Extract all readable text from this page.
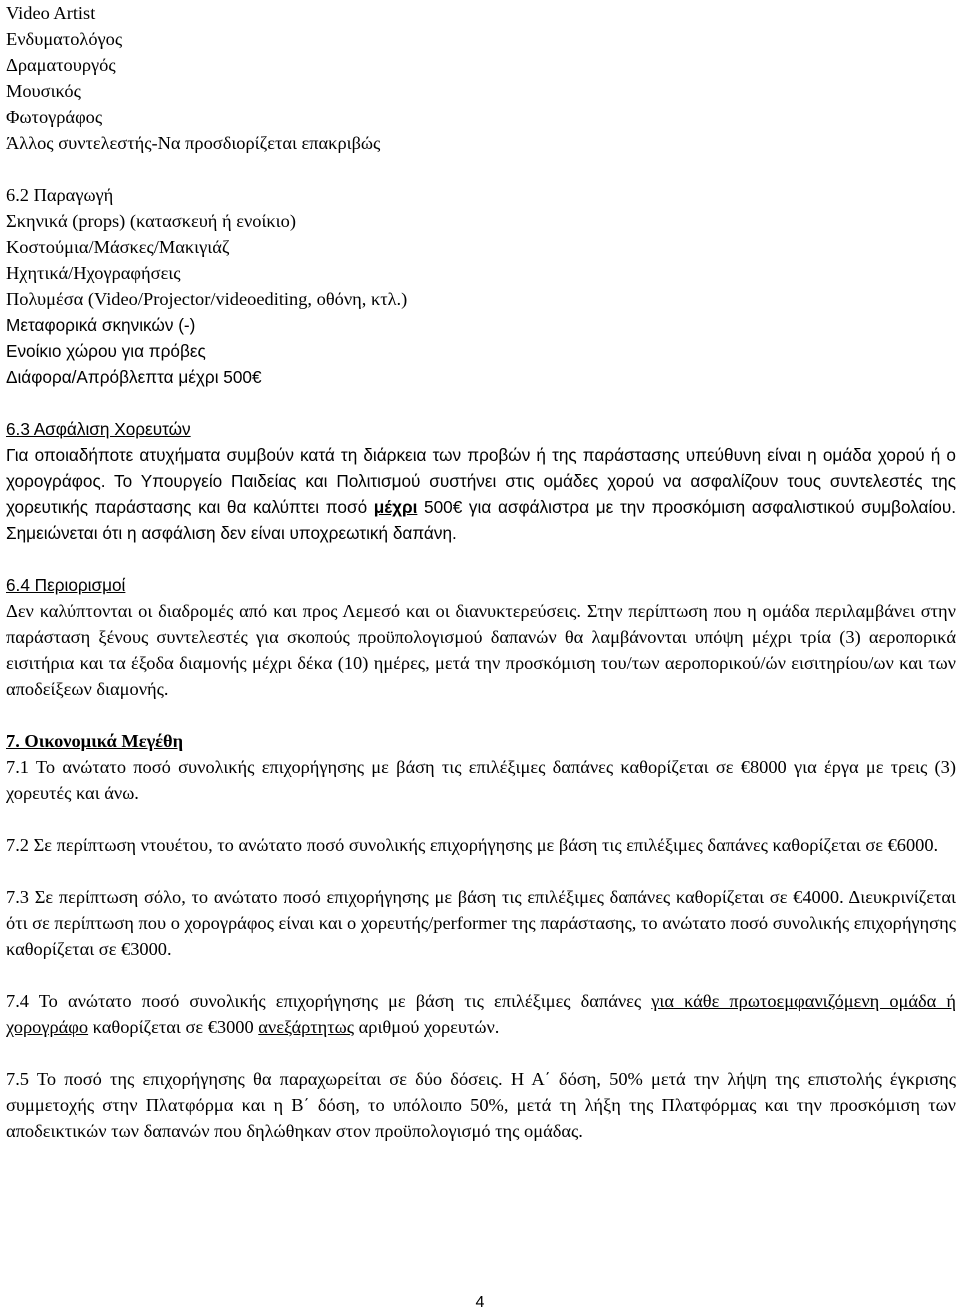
Video Artist
Ενδυματολόγος
Δραματουργός
Μουσικός
Φωτογράφος
Άλλος συντελεστής-Να προσδιορίζεται επακριβώς
6.2 Παραγωγή
Σκηνικά (props) (κατασκευή ή ενοίκιο)
Κοστούμια/Μάσκες/Μακιγιάζ
Ηχητικά/Ηχογραφήσεις
Πολυμέσα (Video/Projector/videoediting, οθόνη, κτλ.)
Μεταφορικά σκηνικών (-)
Ενοίκιο χώρου για πρόβες
Διάφορα/Απρόβλεπτα μέχρι 500€
6.3 Ασφάλιση Χορευτών

Για οποιαδήποτε ατυχήματα συμβούν κατά τη διάρκεια των προβών ή της παράστασης υπεύθυνη είναι η ομάδα χορού ή ο χορογράφος. Το Υπουργείο Παιδείας και Πολιτισμού συστήνει στις ομάδες χορού να ασφαλίζουν τους συντελεστές της χορευτικής παράστασης και θα καλύπτει ποσό μέχρι 500€ για ασφάλιστρα με την προσκόμιση ασφαλιστικού συμβολαίου. Σημειώνεται ότι η ασφάλιση δεν είναι υποχρεωτική δαπάνη.

6.4 Περιορισμοί

Δεν καλύπτονται οι διαδρομές από και προς Λεμεσό και οι διανυκτερεύσεις. Στην περίπτωση που η ομάδα περιλαμβάνει στην παράσταση ξένους συντελεστές για σκοπούς προϋπολογισμού δαπανών θα λαμβάνονται υπόψη μέχρι τρία (3) αεροπορικά εισιτήρια και τα έξοδα διαμονής μέχρι δέκα (10) ημέρες, μετά την προσκόμιση του/των αεροπορικού/ών εισιτηρίου/ων και των αποδείξεων διαμονής.

7. Οικονομικά Μεγέθη

7.1 Το ανώτατο ποσό συνολικής επιχορήγησης με βάση τις επιλέξιμες δαπάνες καθορίζεται σε €8000 για έργα με τρεις (3) χορευτές και άνω.

7.2 Σε περίπτωση ντουέτου, το ανώτατο ποσό συνολικής επιχορήγησης με βάση τις επιλέξιμες δαπάνες καθορίζεται σε €6000.

7.3 Σε περίπτωση σόλο, το ανώτατο ποσό επιχορήγησης με βάση τις επιλέξιμες δαπάνες καθορίζεται σε €4000. Διευκρινίζεται ότι σε περίπτωση που ο χορογράφος είναι και ο χορευτής/performer της παράστασης, το ανώτατο ποσό συνολικής επιχορήγησης καθορίζεται σε €3000.

7.4 Το ανώτατο ποσό συνολικής επιχορήγησης με βάση τις επιλέξιμες δαπάνες για κάθε πρωτοεμφανιζόμενη ομάδα ή χορογράφο καθορίζεται σε €3000 ανεξάρτητως αριθμού χορευτών.

7.5 Το ποσό της επιχορήγησης θα παραχωρείται σε δύο δόσεις. Η Α΄ δόση, 50% μετά την λήψη της επιστολής έγκρισης συμμετοχής στην Πλατφόρμα και η Β΄ δόση, το υπόλοιπο 50%, μετά τη λήξη της Πλατφόρμας και την προσκόμιση των αποδεικτικών των δαπανών που δηλώθηκαν στον προϋπολογισμό της ομάδας.

4
